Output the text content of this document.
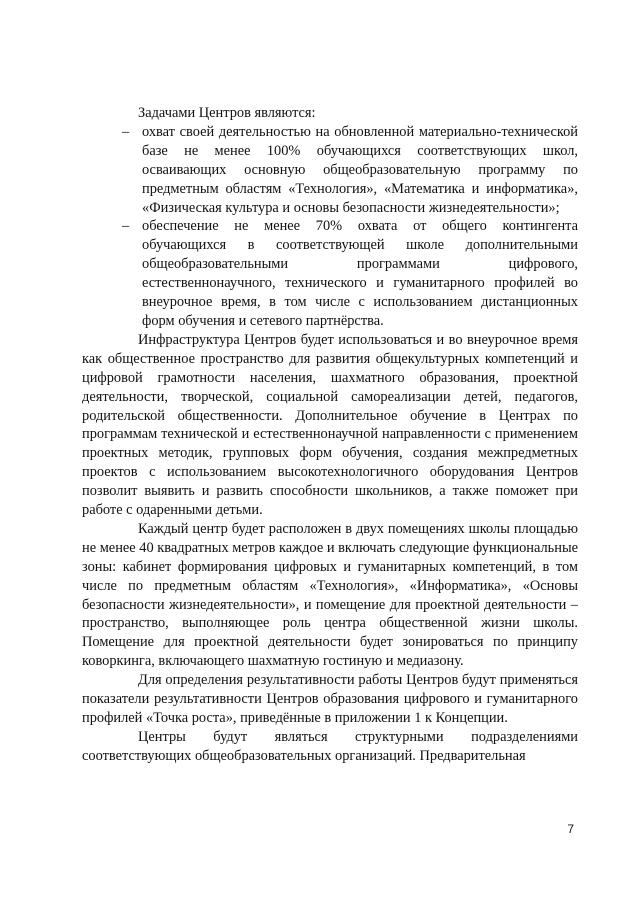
Задачами Центров являются:

– охват своей деятельностью на обновленной материально-технической базе не менее 100% обучающихся соответствующих школ, осваивающих основную общеобразовательную программу по предметным областям «Технология», «Математика и информатика», «Физическая культура и основы безопасности жизнедеятельности»;
– обеспечение не менее 70% охвата от общего контингента обучающихся в соответствующей школе дополнительными общеобразовательными программами цифрового, естественнонаучного, технического и гуманитарного профилей во внеурочное время, в том числе с использованием дистанционных форм обучения и сетевого партнёрства.

Инфраструктура Центров будет использоваться и во внеурочное время как общественное пространство для развития общекультурных компетенций и цифровой грамотности населения, шахматного образования, проектной деятельности, творческой, социальной самореализации детей, педагогов, родительской общественности. Дополнительное обучение в Центрах по программам технической и естественнонаучной направленности с применением проектных методик, групповых форм обучения, создания межпредметных проектов с использованием высокотехнологичного оборудования Центров позволит выявить и развить способности школьников, а также поможет при работе с одаренными детьми.

Каждый центр будет расположен в двух помещениях школы площадью не менее 40 квадратных метров каждое и включать следующие функциональные зоны: кабинет формирования цифровых и гуманитарных компетенций, в том числе по предметным областям «Технология», «Информатика», «Основы безопасности жизнедеятельности», и помещение для проектной деятельности – пространство, выполняющее роль центра общественной жизни школы. Помещение для проектной деятельности будет зонироваться по принципу коворкинга, включающего шахматную гостиную и медиазону.

Для определения результативности работы Центров будут применяться показатели результативности Центров образования цифрового и гуманитарного профилей «Точка роста», приведённые в приложении 1 к Концепции.

Центры будут являться структурными подразделениями соответствующих общеобразовательных организаций. Предварительная

7
